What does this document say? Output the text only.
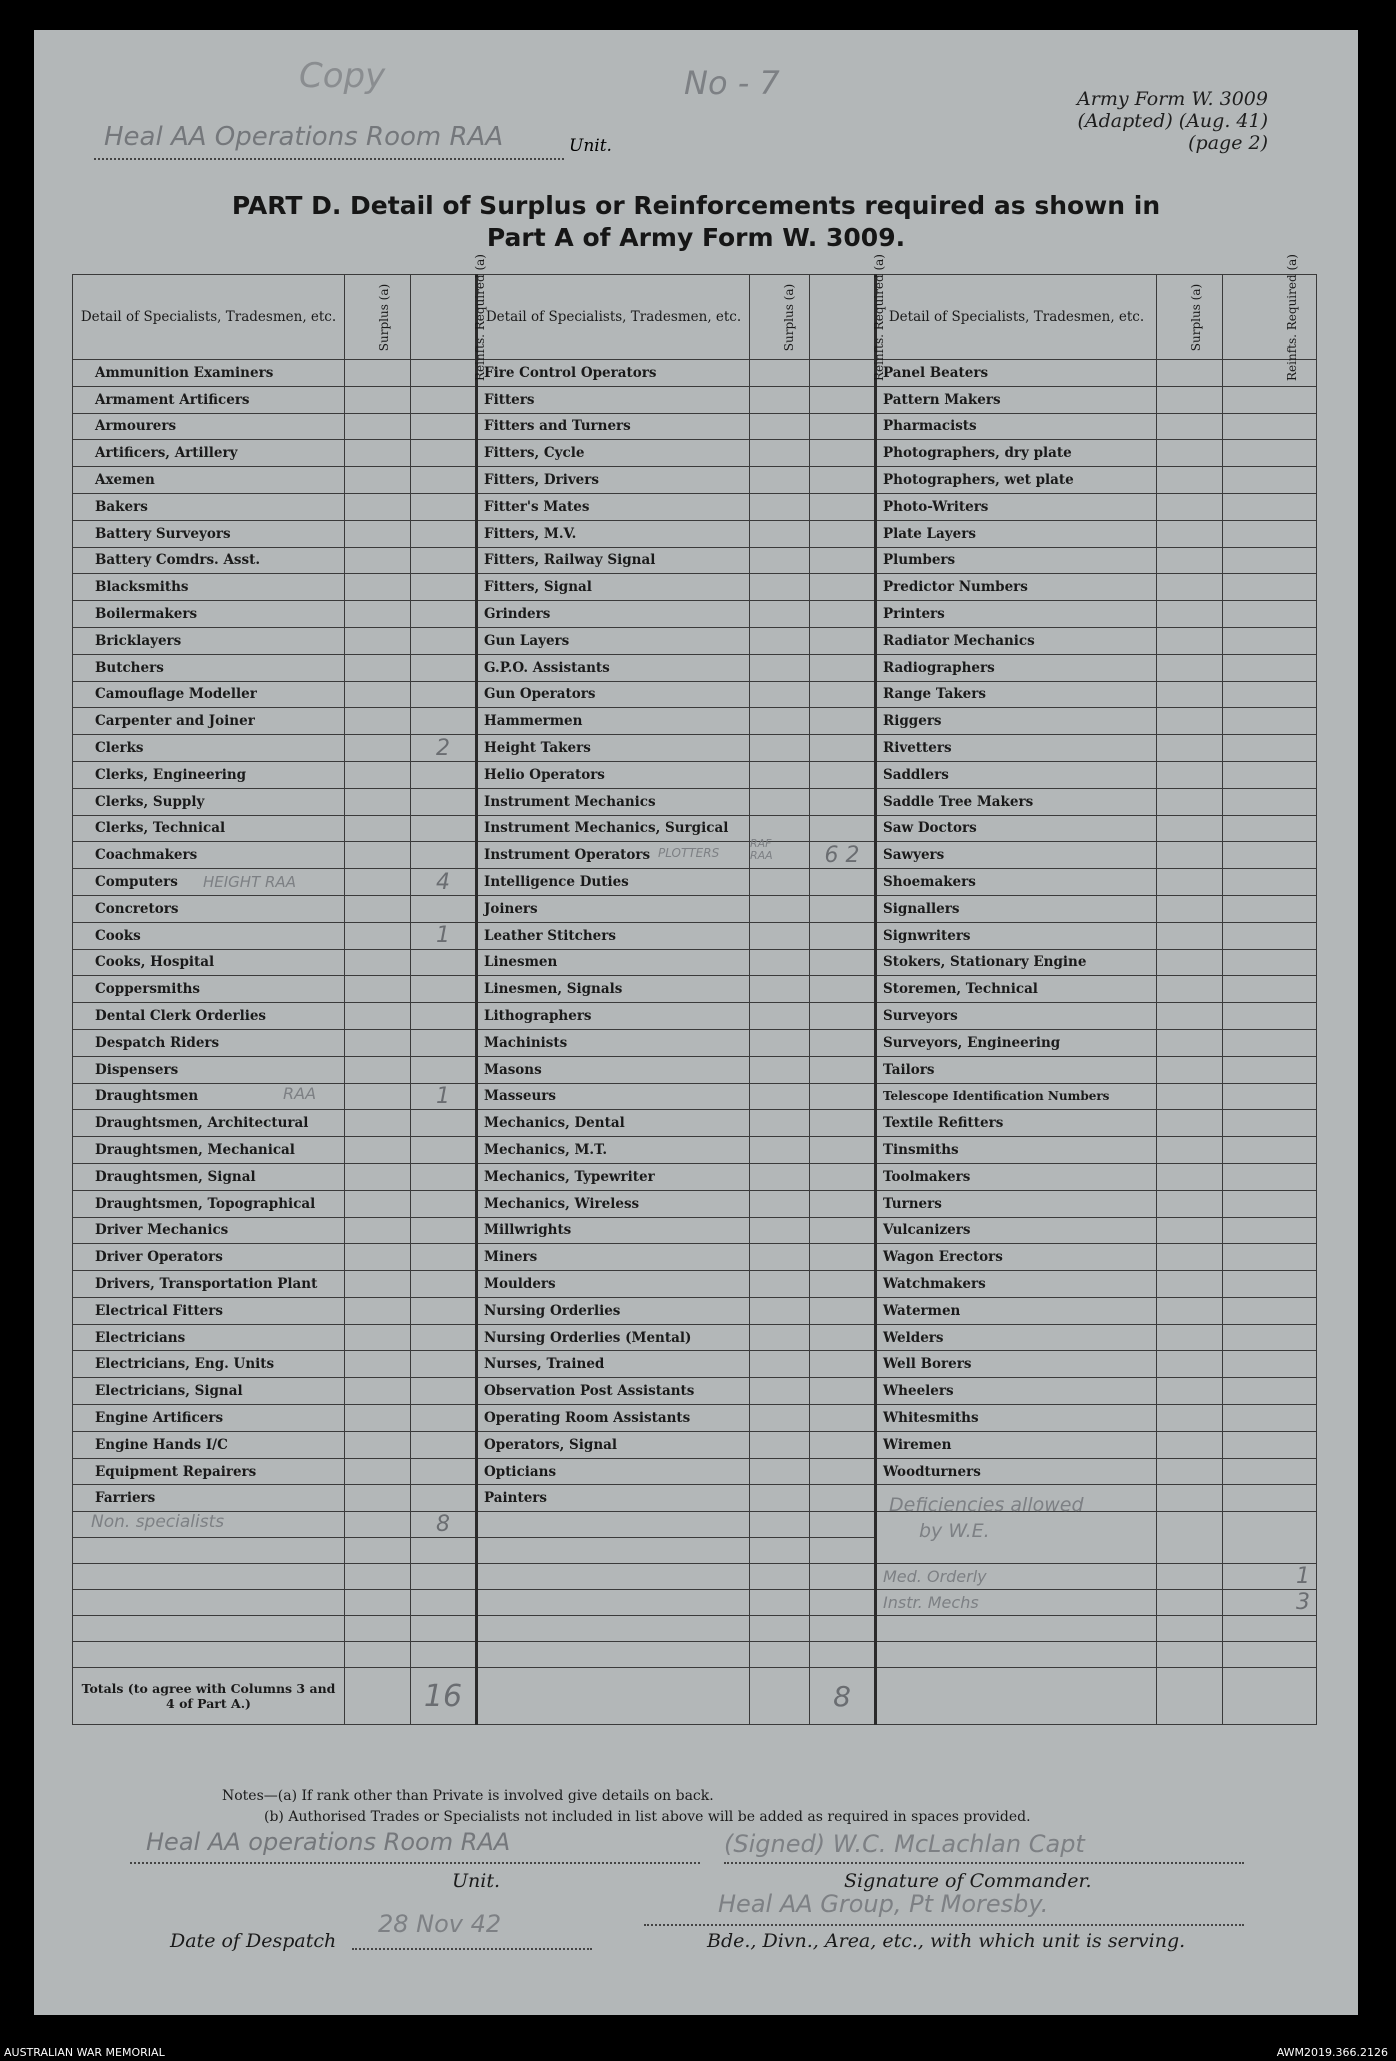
Copy	No - 7
Heal AA Operations Room RAA	Unit.
Army Form W. 3009
(Adapted) (Aug. 41)
(page 2)
PART D. Detail of Surplus or Reinforcements required as shown in
Part A of Army Form W. 3009.
Detail of Specialists, Tradesmen, etc.	Surplus (a)	Reinfts. Required (a)	Detail of Specialists, Tradesmen, etc.	Surplus (a)	Reinfts. Required (a)	Detail of Specialists, Tradesmen, etc.	Surplus (a)	Reinfts. Required (a)
Ammunition Examiners			Fire Control Operators			Panel Beaters		
Armament Artificers			Fitters			Pattern Makers		
Armourers			Fitters and Turners			Pharmacists		
Artificers, Artillery			Fitters, Cycle			Photographers, dry plate		
Axemen			Fitters, Drivers			Photographers, wet plate		
Bakers			Fitter's Mates			Photo-Writers		
Battery Surveyors			Fitters, M.V.			Plate Layers		
Battery Comdrs. Asst.			Fitters, Railway Signal			Plumbers		
Blacksmiths			Fitters, Signal			Predictor Numbers		
Boilermakers			Grinders			Printers		
Bricklayers			Gun Layers			Radiator Mechanics		
Butchers			G.P.O. Assistants			Radiographers		
Camouflage Modeller			Gun Operators			Range Takers		
Carpenter and Joiner			Hammermen			Riggers		
Clerks		2	Height Takers			Rivetters		
Clerks, Engineering			Helio Operators			Saddlers		
Clerks, Supply			Instrument Mechanics			Saddle Tree Makers		
Clerks, Technical			Instrument Mechanics, Surgical			Saw Doctors		
Coachmakers			Instrument Operators PLOTTERS	RAF RAA	6 2	Sawyers		
Computers HEIGHT RAA		4	Intelligence Duties			Shoemakers		
Concretors			Joiners			Signallers		
Cooks		1	Leather Stitchers			Signwriters		
Cooks, Hospital			Linesmen			Stokers, Stationary Engine		
Coppersmiths			Linesmen, Signals			Storemen, Technical		
Dental Clerk Orderlies			Lithographers			Surveyors		
Despatch Riders			Machinists			Surveyors, Engineering		
Dispensers			Masons			Tailors		
Draughtsmen RAA		1	Masseurs			Telescope Identification Numbers		
Draughtsmen, Architectural			Mechanics, Dental			Textile Refitters		
Draughtsmen, Mechanical			Mechanics, M.T.			Tinsmiths		
Draughtsmen, Signal			Mechanics, Typewriter			Toolmakers		
Draughtsmen, Topographical			Mechanics, Wireless			Turners		
Driver Mechanics			Millwrights			Vulcanizers		
Driver Operators			Miners			Wagon Erectors		
Drivers, Transportation Plant			Moulders			Watchmakers		
Electrical Fitters			Nursing Orderlies			Watermen		
Electricians			Nursing Orderlies (Mental)			Welders		
Electricians, Eng. Units			Nurses, Trained			Well Borers		
Electricians, Signal			Observation Post Assistants			Wheelers		
Engine Artificers			Operating Room Assistants			Whitesmiths		
Engine Hands I/C			Operators, Signal			Wiremen		
Equipment Repairers			Opticians			Woodturners		
Farriers			Painters					

Non. specialists		8				Deficiencies allowed
by W.E.		

						Med. Orderly		1
						Instr. Mechs		3

Totals (to agree with Columns 3 and 4 of Part A.)		16			8			
Notes—(a) If rank other than Private is involved give details on back.
(b) Authorised Trades or Specialists not included in list above will be added as required in spaces provided.
Heal AA operations Room RAA	(Signed) W.C. McLachlan Capt
Unit.	Signature of Commander.
Heal AA Group, Pt Moresby.
Date of Despatch
28 Nov 42
Bde., Divn., Area, etc., with which unit is serving.
AUSTRALIAN WAR MEMORIAL	AWM2019.366.2126
